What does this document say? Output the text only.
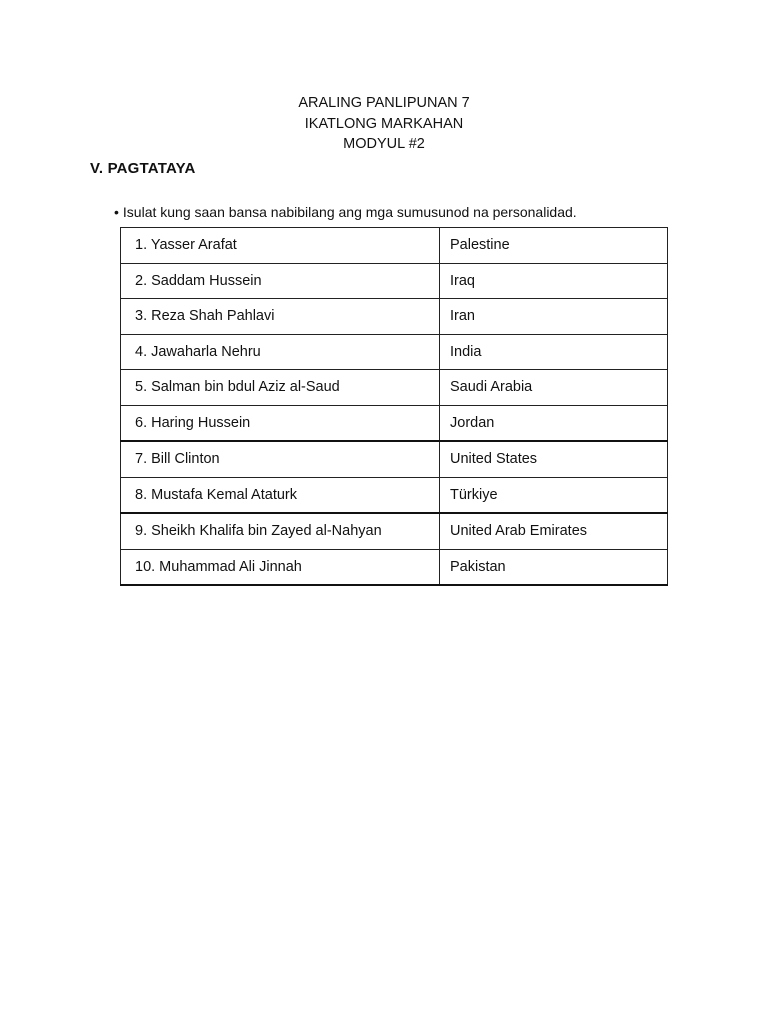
ARALING PANLIPUNAN 7
IKATLONG MARKAHAN
MODYUL #2
V. PAGTATAYA
• Isulat kung saan bansa nabibilang ang mga sumusunod na personalidad.
1. Yasser Arafat	Palestine
2. Saddam Hussein	Iraq
3. Reza Shah Pahlavi	Iran
4. Jawaharla Nehru	India
5. Salman bin bdul Aziz al-Saud	Saudi Arabia
6. Haring Hussein	Jordan
7. Bill Clinton	United States
8. Mustafa Kemal Ataturk	Türkiye
9. Sheikh Khalifa bin Zayed al-Nahyan	United Arab Emirates
10. Muhammad Ali Jinnah	Pakistan
